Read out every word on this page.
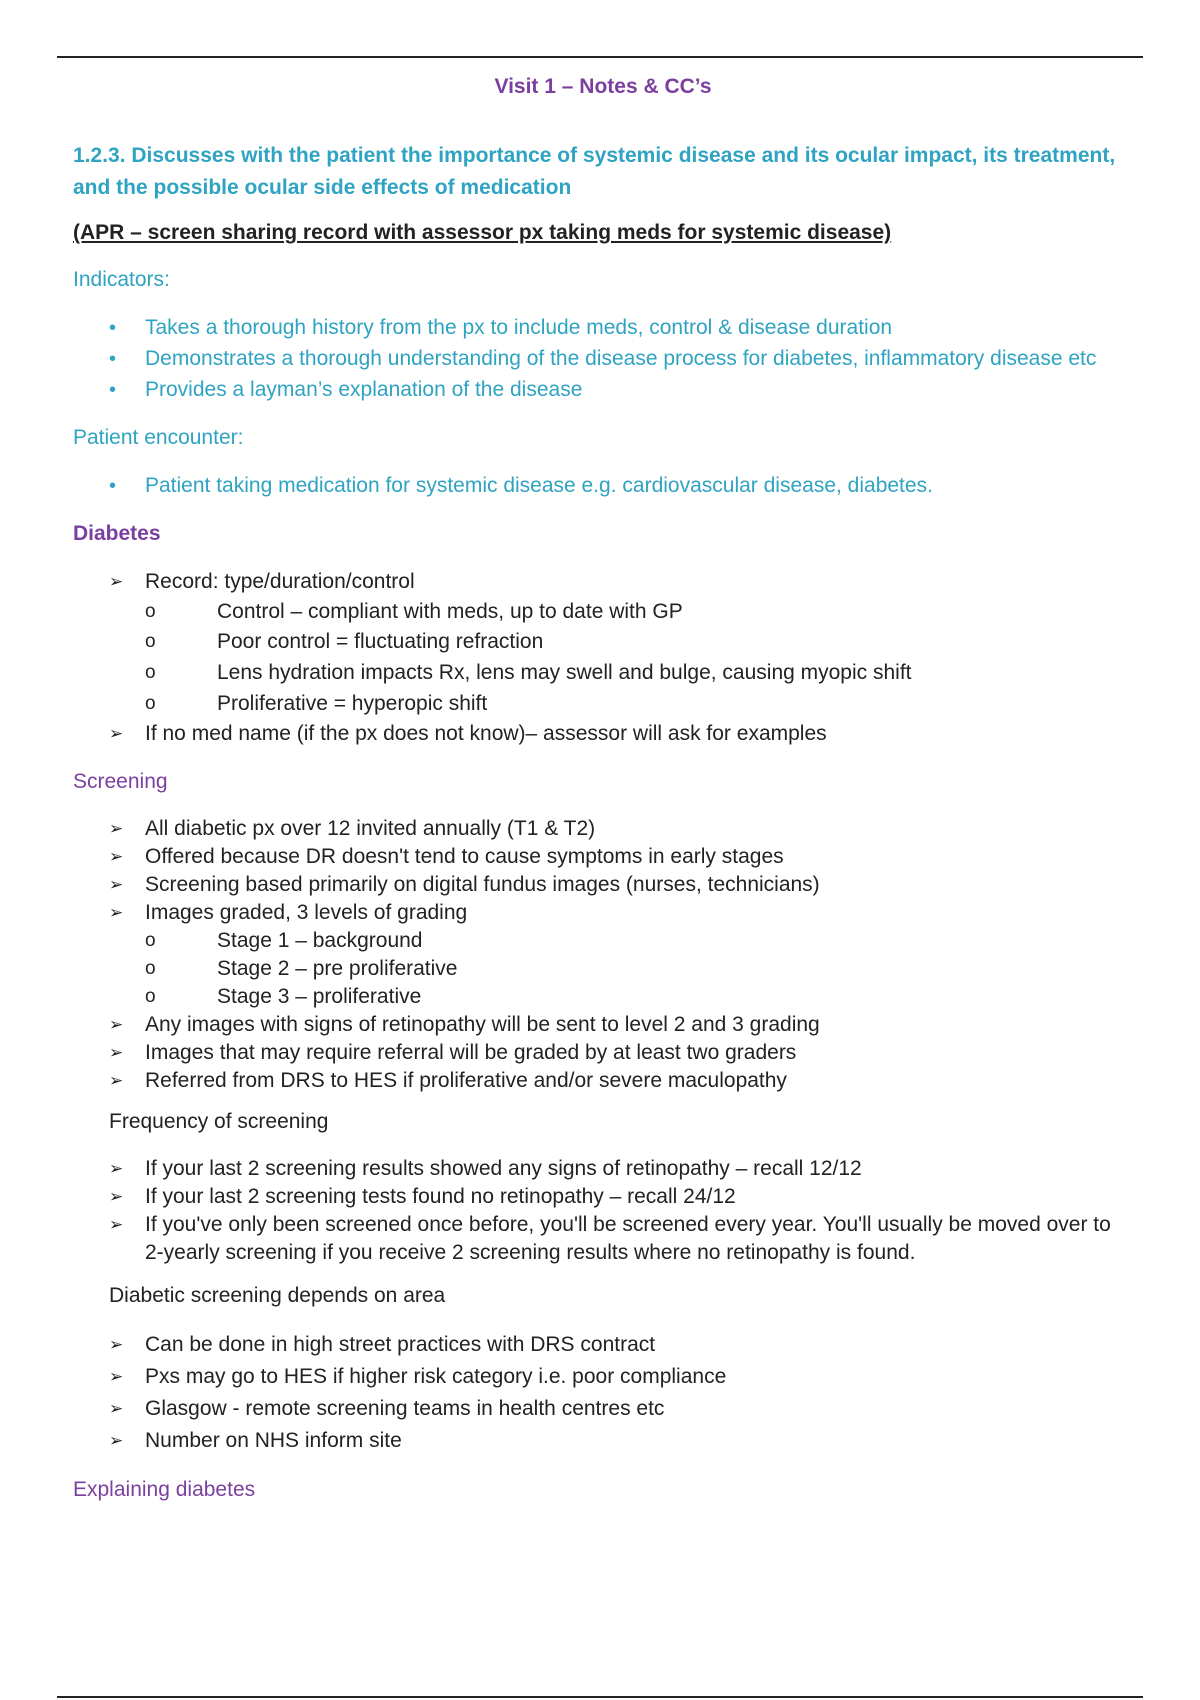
Visit 1 – Notes & CC’s
1.2.3. Discusses with the patient the importance of systemic disease and its ocular impact, its treatment, and the possible ocular side effects of medication
(APR – screen sharing record with assessor px taking meds for systemic disease)
Indicators:
•	Takes a thorough history from the px to include meds, control & disease duration
•	Demonstrates a thorough understanding of the disease process for diabetes, inflammatory disease etc
•	Provides a layman’s explanation of the disease
Patient encounter:
•	Patient taking medication for systemic disease e.g. cardiovascular disease, diabetes.
Diabetes
➢ Record: type/duration/control
o	Control – compliant with meds, up to date with GP
o	Poor control = fluctuating refraction
o	Lens hydration impacts Rx, lens may swell and bulge, causing myopic shift
o	Proliferative = hyperopic shift
➢ If no med name (if the px does not know)– assessor will ask for examples
Screening
➢ All diabetic px over 12 invited annually (T1 & T2)
➢ Offered because DR doesn't tend to cause symptoms in early stages
➢ Screening based primarily on digital fundus images (nurses, technicians)
➢ Images graded, 3 levels of grading
o	Stage 1 – background
o	Stage 2 – pre proliferative
o	Stage 3 – proliferative
➢ Any images with signs of retinopathy will be sent to level 2 and 3 grading
➢ Images that may require referral will be graded by at least two graders
➢ Referred from DRS to HES if proliferative and/or severe maculopathy
Frequency of screening
➢ If your last 2 screening results showed any signs of retinopathy – recall 12/12
➢ If your last 2 screening tests found no retinopathy – recall 24/12
➢ If you've only been screened once before, you'll be screened every year. You'll usually be moved over to 2-yearly screening if you receive 2 screening results where no retinopathy is found.
Diabetic screening depends on area
➢ Can be done in high street practices with DRS contract
➢ Pxs may go to HES if higher risk category i.e. poor compliance
➢ Glasgow - remote screening teams in health centres etc
➢ Number on NHS inform site
Explaining diabetes
